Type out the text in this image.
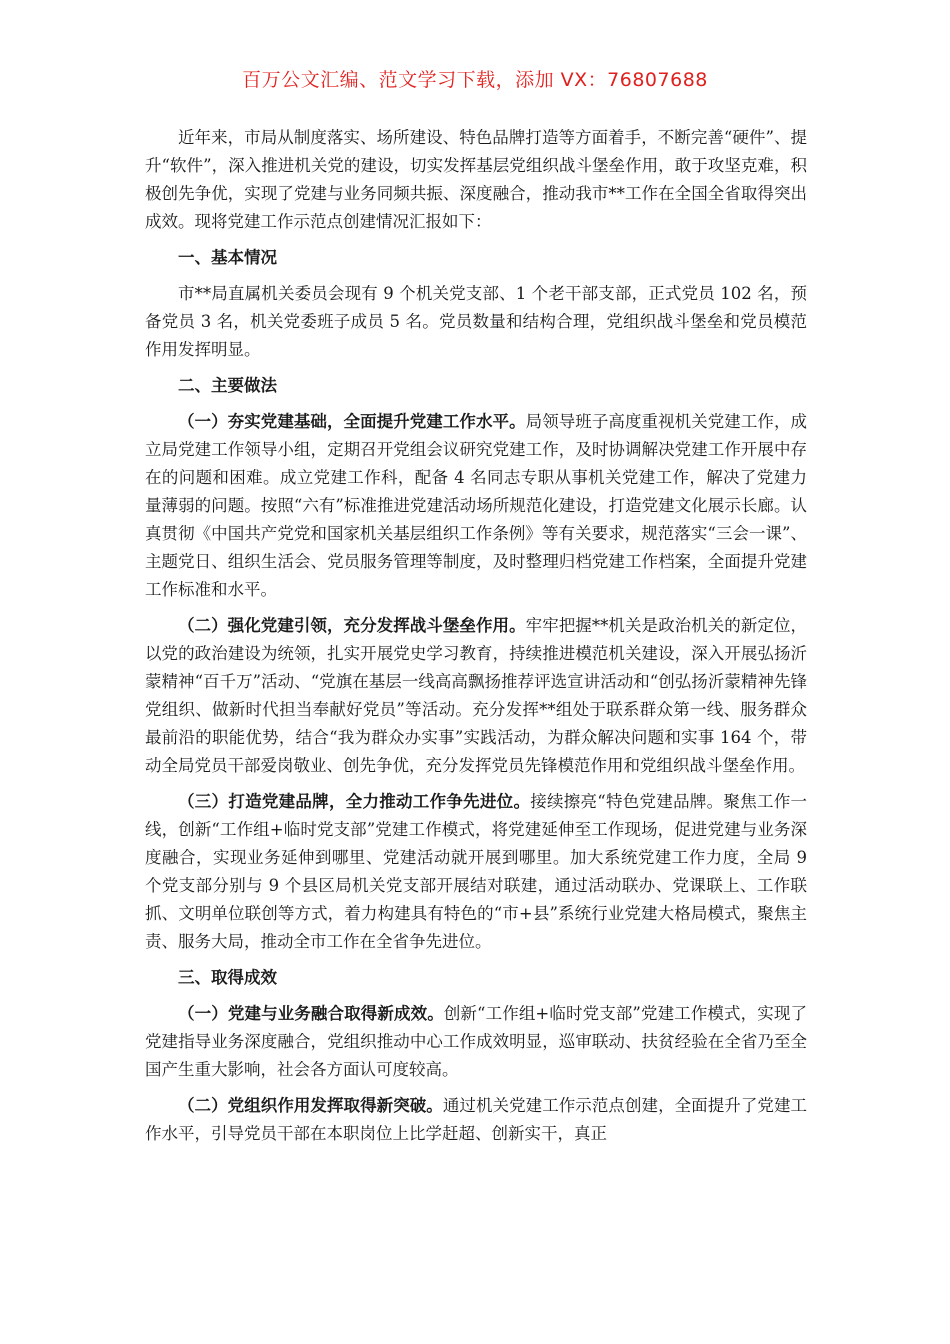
百万公文汇编、范文学习下载，添加 VX：76807688

近年来，市局从制度落实、场所建设、特色品牌打造等方面着手，不断完善“硬件”、提升“软件”，深入推进机关党的建设，切实发挥基层党组织战斗堡垒作用，敢于攻坚克难，积极创先争优，实现了党建与业务同频共振、深度融合，推动我市**工作在全国全省取得突出成效。现将党建工作示范点创建情况汇报如下：

一、基本情况

市**局直属机关委员会现有 9 个机关党支部、1 个老干部支部，正式党员 102 名，预备党员 3 名，机关党委班子成员 5 名。党员数量和结构合理，党组织战斗堡垒和党员模范作用发挥明显。

二、主要做法

（一）夯实党建基础，全面提升党建工作水平。局领导班子高度重视机关党建工作，成立局党建工作领导小组，定期召开党组会议研究党建工作，及时协调解决党建工作开展中存在的问题和困难。成立党建工作科，配备 4 名同志专职从事机关党建工作，解决了党建力量薄弱的问题。按照“六有”标准推进党建活动场所规范化建设，打造党建文化展示长廊。认真贯彻《中国共产党党和国家机关基层组织工作条例》等有关要求，规范落实“三会一课”、主题党日、组织生活会、党员服务管理等制度，及时整理归档党建工作档案，全面提升党建工作标准和水平。

（二）强化党建引领，充分发挥战斗堡垒作用。牢牢把握**机关是政治机关的新定位，以党的政治建设为统领，扎实开展党史学习教育，持续推进模范机关建设，深入开展弘扬沂蒙精神“百千万”活动、“党旗在基层一线高高飘扬推荐评选宣讲活动和“创弘扬沂蒙精神先锋党组织、做新时代担当奉献好党员”等活动。充分发挥**组处于联系群众第一线、服务群众最前沿的职能优势，结合“我为群众办实事”实践活动，为群众解决问题和实事 164 个，带动全局党员干部爱岗敬业、创先争优，充分发挥党员先锋模范作用和党组织战斗堡垒作用。

（三）打造党建品牌，全力推动工作争先进位。接续擦亮“特色党建品牌。聚焦工作一线，创新“工作组+临时党支部”党建工作模式，将党建延伸至工作现场，促进党建与业务深度融合，实现业务延伸到哪里、党建活动就开展到哪里。加大系统党建工作力度，全局 9 个党支部分别与 9 个县区局机关党支部开展结对联建，通过活动联办、党课联上、工作联抓、文明单位联创等方式，着力构建具有特色的“市+县”系统行业党建大格局模式，聚焦主责、服务大局，推动全市工作在全省争先进位。

三、取得成效

（一）党建与业务融合取得新成效。创新“工作组+临时党支部”党建工作模式，实现了党建指导业务深度融合，党组织推动中心工作成效明显，巡审联动、扶贫经验在全省乃至全国产生重大影响，社会各方面认可度较高。

（二）党组织作用发挥取得新突破。通过机关党建工作示范点创建，全面提升了党建工作水平，引导党员干部在本职岗位上比学赶超、创新实干，真正
